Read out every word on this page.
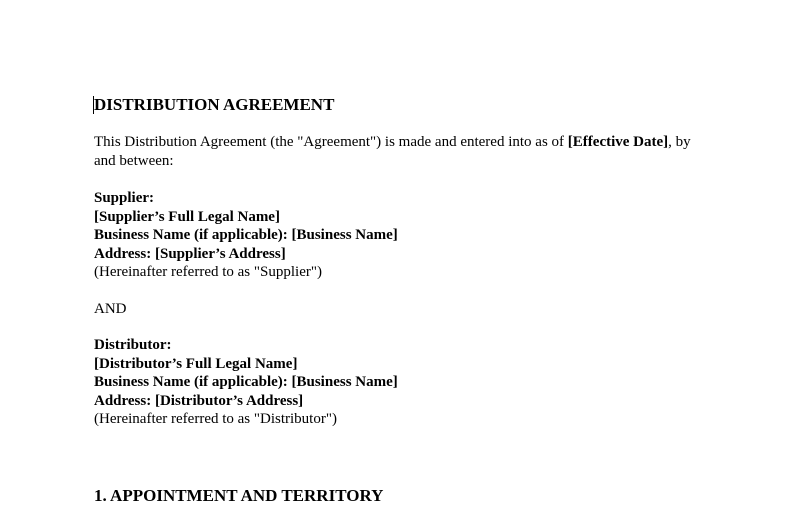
DISTRIBUTION AGREEMENT

This Distribution Agreement (the "Agreement") is made and entered into as of [Effective Date], by and between:

Supplier:
[Supplier’s Full Legal Name]
Business Name (if applicable): [Business Name]
Address: [Supplier’s Address]
(Hereinafter referred to as "Supplier")
AND
Distributor:
[Distributor’s Full Legal Name]
Business Name (if applicable): [Business Name]
Address: [Distributor’s Address]
(Hereinafter referred to as "Distributor")

1. APPOINTMENT AND TERRITORY
